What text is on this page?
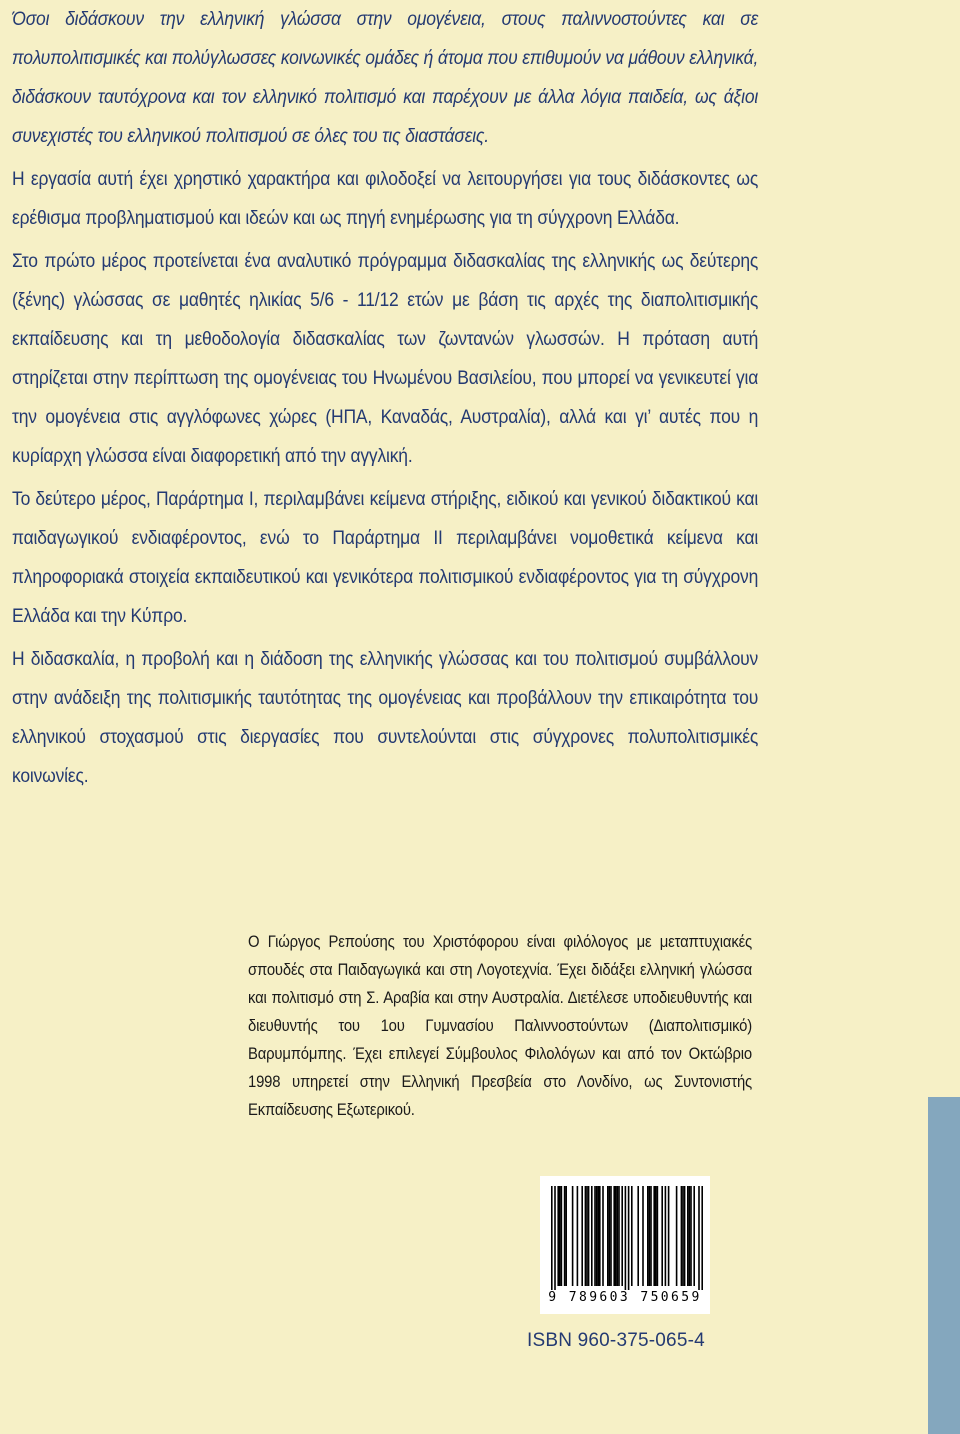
Όσοι διδάσκουν την ελληνική γλώσσα στην ομογένεια, στους παλιννοστούντες και σε πολυπολιτισμικές και πολύγλωσσες κοινωνικές ομάδες ή άτομα που επιθυμούν να μάθουν ελληνικά, διδάσκουν ταυτόχρονα και τον ελληνικό πολιτισμό και παρέχουν με άλλα λόγια παιδεία, ως άξιοι συνεχιστές του ελληνικού πολιτισμού σε όλες του τις διαστάσεις.

Η εργασία αυτή έχει χρηστικό χαρακτήρα και φιλοδοξεί να λειτουργήσει για τους διδάσκοντες ως ερέθισμα προβληματισμού και ιδεών και ως πηγή ενημέρωσης για τη σύγχρονη Ελλάδα.

Στο πρώτο μέρος προτείνεται ένα αναλυτικό πρόγραμμα διδασκαλίας της ελληνικής ως δεύτερης (ξένης) γλώσσας σε μαθητές ηλικίας 5/6 - 11/12 ετών με βάση τις αρχές της διαπολιτισμικής εκπαίδευσης και τη μεθοδολογία διδασκαλίας των ζωντανών γλωσσών. Η πρόταση αυτή στηρίζεται στην περίπτωση της ομογένειας του Ηνωμένου Βασιλείου, που μπορεί να γενικευτεί για την ομογένεια στις αγγλόφωνες χώρες (ΗΠΑ, Καναδάς, Αυστραλία), αλλά και γι’ αυτές που η κυρίαρχη γλώσσα είναι διαφορετική από την αγγλική.

Το δεύτερο μέρος, Παράρτημα Ι, περιλαμβάνει κείμενα στήριξης, ειδικού και γενικού διδακτικού και παιδαγωγικού ενδιαφέροντος, ενώ το Παράρτημα ΙΙ περιλαμβάνει νομοθετικά κείμενα και πληροφοριακά στοιχεία εκπαιδευτικού και γενικότερα πολιτισμικού ενδιαφέροντος για τη σύγχρονη Ελλάδα και την Κύπρο.

Η διδασκαλία, η προβολή και η διάδοση της ελληνικής γλώσσας και του πολιτισμού συμβάλλουν στην ανάδειξη της πολιτισμικής ταυτότητας της ομογένειας και προβάλλουν την επικαιρότητα του ελληνικού στοχασμού στις διεργασίες που συντελούνται στις σύγχρονες πολυπολιτισμικές κοινωνίες.

Ο Γιώργος Ρεπούσης του Χριστόφορου είναι φιλόλογος με μεταπτυχιακές σπουδές στα Παιδαγωγικά και στη Λογοτεχνία. Έχει διδάξει ελληνική γλώσσα και πολιτισμό στη Σ. Αραβία και στην Αυστραλία. Διετέλεσε υποδιευθυντής και διευθυντής του 1ου Γυμνασίου Παλιννοστούντων (Διαπολιτισμικό) Βαρυμπόμπης. Έχει επιλεγεί Σύμβουλος Φιλολόγων και από τον Οκτώβριο 1998 υπηρετεί στην Ελληνική Πρεσβεία στο Λονδίνο, ως Συντονιστής Εκπαίδευσης Εξωτερικού.

9 789603 750659
ISBN 960-375-065-4
